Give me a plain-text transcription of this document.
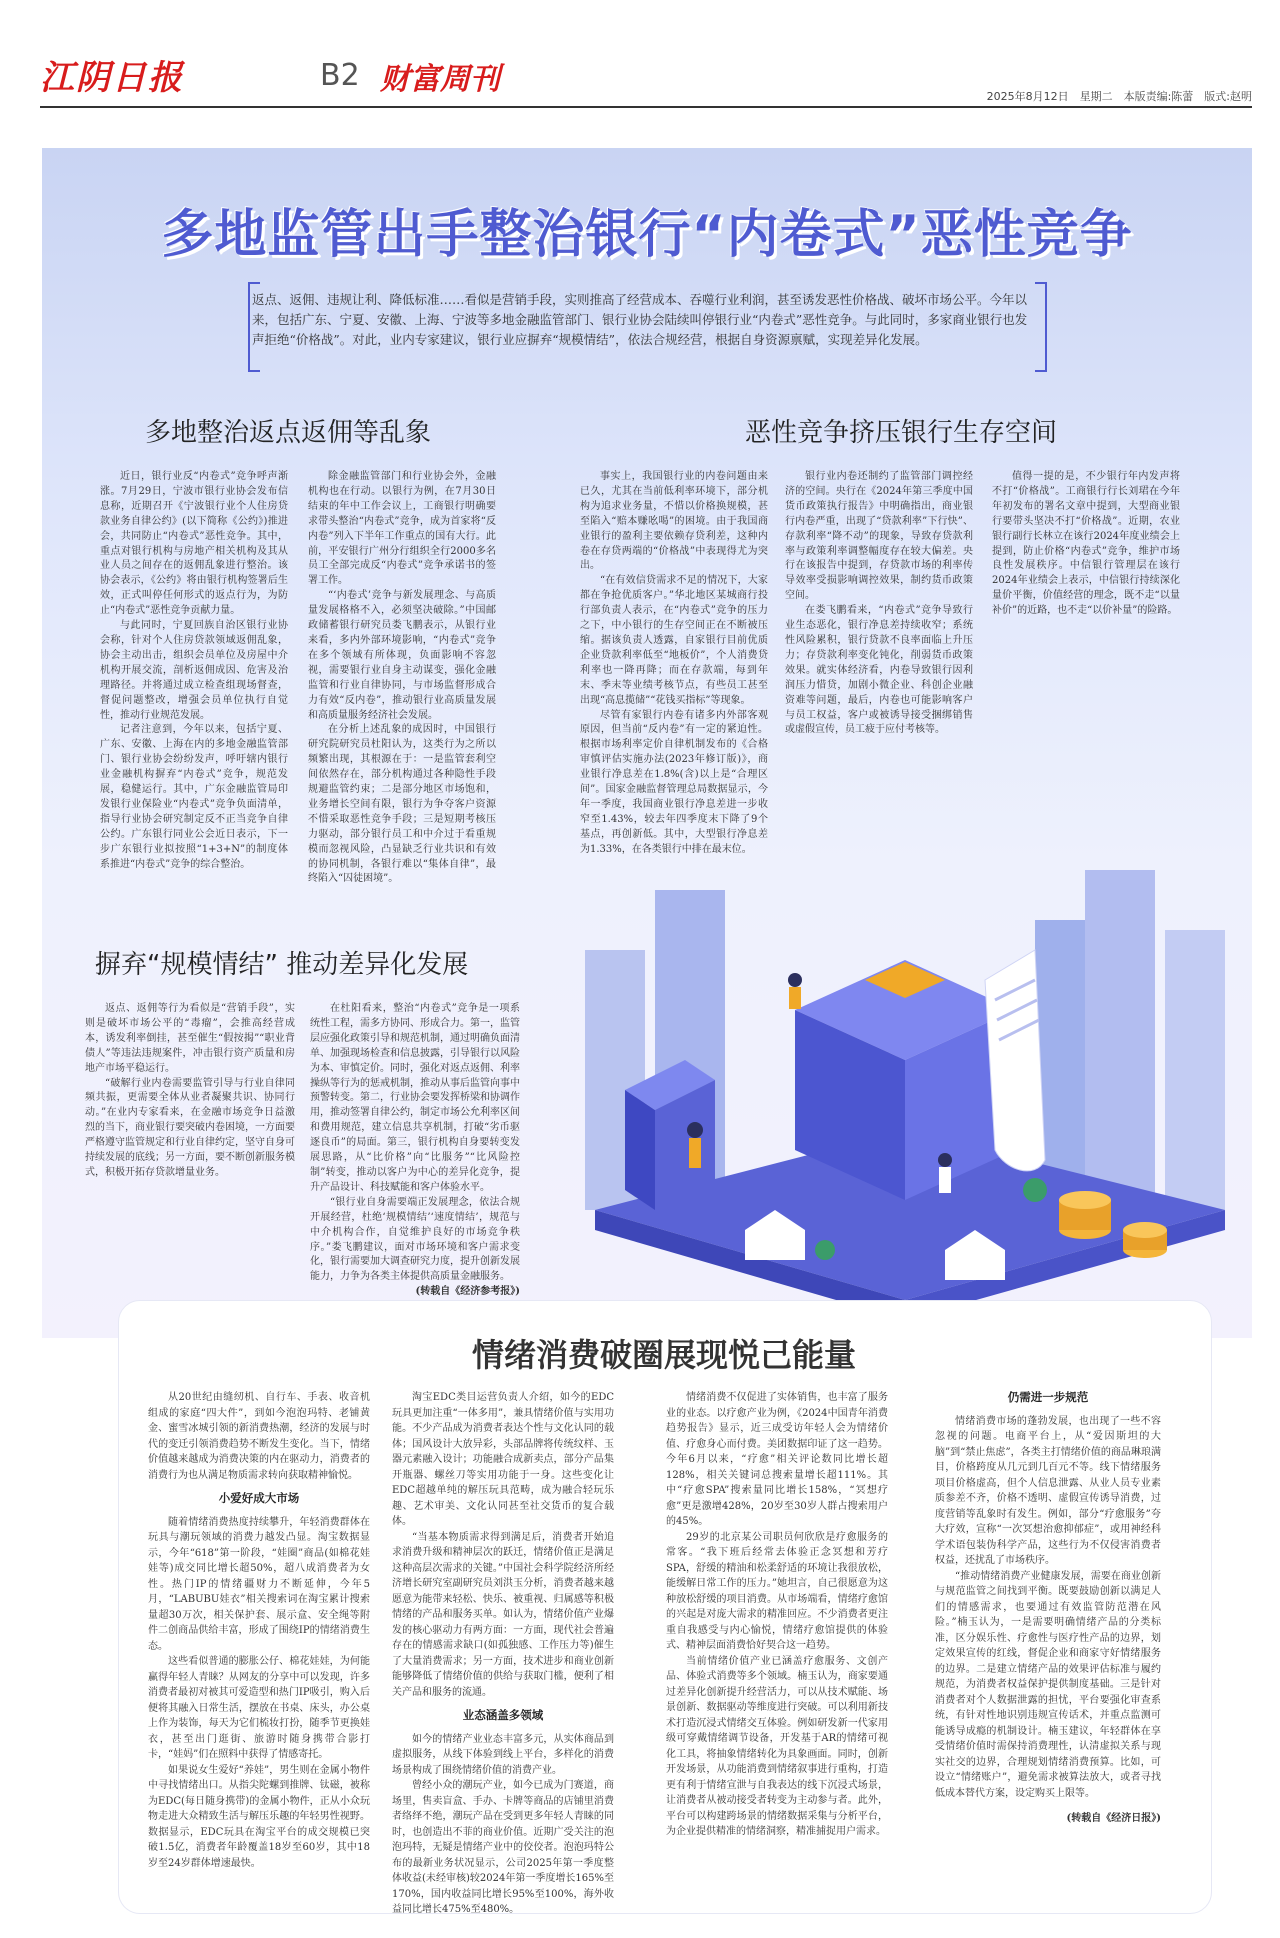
江阴日报	B2 财富周刊	2025年8月12日　星期二　本版责编:陈蕾　版式:赵明
多地监管出手整治银行“内卷式”恶性竞争
返点、返佣、违规让利、降低标准……看似是营销手段，实则推高了经营成本、吞噬行业利润，甚至诱发恶性价格战、破坏市场公平。今年以来，包括广东、宁夏、安徽、上海、宁波等多地金融监管部门、银行业协会陆续叫停银行业“内卷式”恶性竞争。与此同时，多家商业银行也发声拒绝“价格战”。对此，业内专家建议，银行业应摒弃“规模情结”，依法合规经营，根据自身资源禀赋，实现差异化发展。
多地整治返点返佣等乱象

近日，银行业反“内卷式”竞争呼声渐涨。7月29日，宁波市银行业协会发布信息称，近期召开《宁波银行业个人住房贷款业务自律公约》(以下简称《公约》)推进会，共同防止“内卷式”恶性竞争。其中，重点对银行机构与房地产相关机构及其从业人员之间存在的返佣乱象进行整治。该协会表示，《公约》将由银行机构签署后生效，正式叫停任何形式的返点行为，为防止“内卷式”恶性竞争贡献力量。

与此同时，宁夏回族自治区银行业协会称，针对个人住房贷款领域返佣乱象，协会主动出击，组织会员单位及房屋中介机构开展交流，剖析返佣成因、危害及治理路径。并将通过成立检查组现场督查，督促问题整改，增强会员单位执行自觉性，推动行业规范发展。

记者注意到，今年以来，包括宁夏、广东、安徽、上海在内的多地金融监管部门、银行业协会纷纷发声，呼吁辖内银行业金融机构摒弃“内卷式”竞争，规范发展，稳健运行。其中，广东金融监管局印发银行业保险业“内卷式”竞争负面清单，指导行业协会研究制定反不正当竞争自律公约。广东银行同业公会近日表示，下一步广东银行业拟按照“1+3+N”的制度体系推进“内卷式”竞争的综合整治。

除金融监管部门和行业协会外，金融机构也在行动。以银行为例，在7月30日结束的年中工作会议上，工商银行明确要求带头整治“内卷式”竞争，成为首家将“反内卷”列入下半年工作重点的国有大行。此前，平安银行广州分行组织全行2000多名员工全部完成反“内卷式”竞争承诺书的签署工作。

“‘内卷式’竞争与新发展理念、与高质量发展格格不入，必须坚决破除。”中国邮政储蓄银行研究员娄飞鹏表示，从银行业来看，多内外部环境影响，“内卷式”竞争在多个领域有所体现，负面影响不容忽视，需要银行业自身主动谋变，强化金融监管和行业自律协同，与市场监督形成合力有效“反内卷”，推动银行业高质量发展和高质量服务经济社会发展。

在分析上述乱象的成因时，中国银行研究院研究员杜阳认为，这类行为之所以频繁出现，其根源在于：一是监管套利空间依然存在，部分机构通过各种隐性手段规避监管约束；二是部分地区市场饱和，业务增长空间有限，银行为争夺客户资源不惜采取恶性竞争手段；三是短期考核压力驱动，部分银行员工和中介过于看重规模而忽视风险，凸显缺乏行业共识和有效的协同机制，各银行难以“集体自律”，最终陷入“囚徒困境”。

恶性竞争挤压银行生存空间

事实上，我国银行业的内卷问题由来已久，尤其在当前低利率环境下，部分机构为追求业务量，不惜以价格换规模，甚至陷入“赔本赚吆喝”的困境。由于我国商业银行的盈利主要依赖存贷利差，这种内卷在存贷两端的“价格战”中表现得尤为突出。

“在有效信贷需求不足的情况下，大家都在争抢优质客户。”华北地区某城商行投行部负责人表示，在“内卷式”竞争的压力之下，中小银行的生存空间正在不断被压缩。据该负责人透露，自家银行目前优质企业贷款利率低至“地板价”，个人消费贷利率也一降再降；而在存款端，每到年末、季末等业绩考核节点，有些员工甚至出现“高息揽储”“花钱买指标”等现象。

尽管有家银行内卷有诸多内外部客观原因，但当前“反内卷”有一定的紧迫性。根据市场利率定价自律机制发布的《合格审慎评估实施办法(2023年修订版)》，商业银行净息差在1.8%(含)以上是“合理区间”。国家金融监督管理总局数据显示，今年一季度，我国商业银行净息差进一步收窄至1.43%，较去年四季度末下降了9个基点，再创新低。其中，大型银行净息差为1.33%，在各类银行中排在最末位。

银行业内卷还制约了监管部门调控经济的空间。央行在《2024年第三季度中国货币政策执行报告》中明确指出，商业银行内卷严重，出现了“贷款利率”下行快”、存款利率“降不动”的现象，导致存贷款利率与政策利率调整幅度存在较大偏差。央行在该报告中提到，存贷款市场的利率传导效率受损影响调控效果，制约货币政策空间。

在娄飞鹏看来，“内卷式”竞争导致行业生态恶化，银行净息差持续收窄；系统性风险累积，银行贷款不良率面临上升压力；存贷款利率变化钝化，削弱货币政策效果。就实体经济看，内卷导致银行因利润压力惜贷，加剧小微企业、科创企业融资难等问题，最后，内卷也可能影响客户与员工权益，客户或被诱导接受捆绑销售或虚假宣传，员工疲于应付考核等。

值得一提的是，不少银行年内发声将不打“价格战”。工商银行行长刘珺在今年年初发布的署名文章中提到，大型商业银行要带头坚决不打“价格战”。近期，农业银行副行长林立在该行2024年度业绩会上提到，防止价格“内卷式”竞争，维护市场良性发展秩序。中信银行管理层在该行2024年业绩会上表示，中信银行持续深化量价平衡，价值经营的理念，既不走“以量补价”的近路，也不走“以价补量”的险路。

摒弃“规模情结” 推动差异化发展

返点、返佣等行为看似是“营销手段”，实则是破坏市场公平的“毒瘤”，会推高经营成本，诱发利率倒挂，甚至催生“假按揭”“职业背债人”等违法违规案件，冲击银行资产质量和房地产市场平稳运行。

“破解行业内卷需要监管引导与行业自律同频共振，更需要全体从业者凝聚共识、协同行动。”在业内专家看来，在金融市场竞争日益激烈的当下，商业银行要突破内卷困境，一方面要严格遵守监管规定和行业自律约定，坚守自身可持续发展的底线；另一方面，要不断创新服务模式，积极开拓存贷款增量业务。

在杜阳看来，整治“内卷式”竞争是一项系统性工程，需多方协同、形成合力。第一，监管层应强化政策引导和规范机制，通过明确负面清单、加强现场检查和信息披露，引导银行以风险为本、审慎定价。同时，强化对返点返佣、利率操纵等行为的惩戒机制，推动从事后监管向事中预警转变。第二，行业协会要发挥桥梁和协调作用，推动签署自律公约，制定市场公允利率区间和费用规范，建立信息共享机制，打破“劣币驱逐良币”的局面。第三，银行机构自身要转变发展思路，从“比价格”向“比服务”“比风险控制”转变，推动以客户为中心的差异化竞争，提升产品设计、科技赋能和客户体验水平。

“银行业自身需要端正发展理念，依法合规开展经营，杜绝‘规模情结’‘速度情结’，规范与中介机构合作，自觉维护良好的市场竞争秩序。”娄飞鹏建议，面对市场环境和客户需求变化，银行需要加大调查研究力度，提升创新发展能力，力争为各类主体提供高质量金融服务。

(转载自《经济参考报》)

情绪消费破圈展现悦己能量

从20世纪由缝纫机、自行车、手表、收音机组成的家庭“四大件”，到如今泡泡玛特、老铺黄金、蜜雪冰城引领的新消费热潮，经济的发展与时代的变迁引领消费趋势不断发生变化。当下，情绪价值越来越成为消费决策的内在驱动力，消费者的消费行为也从满足物质需求转向获取精神愉悦。

小爱好成大市场

随着情绪消费热度持续攀升，年轻消费群体在玩具与潮玩领域的消费力越发凸显。淘宝数据显示，今年“618”第一阶段，“娃圈”商品(如棉花娃娃等)成交同比增长超50%，超八成消费者为女性。热门IP的情绪疆财力不断延伸，今年5月，“LABUBU娃衣”相关搜索词在淘宝累计搜索量超30万次，相关保护套、展示盒、安全绳等附件二创商品供给丰富，形成了围绕IP的情绪消费生态。

这些看似普通的膨胀公仔、棉花娃娃，为何能赢得年轻人青睐？从网友的分享中可以发现，许多消费者最初对被其可爱造型和热门IP吸引，购入后便将其融入日常生活，摆放在书桌、床头，办公桌上作为装饰，每天为它们梳妆打扮，随季节更换娃衣，甚至出门逛街、旅游时随身携带合影打卡，“娃妈”们在照料中获得了情感寄托。

如果说女生爱好“养娃”，男生则在金属小物件中寻找情绪出口。从指尖陀螺到推牌、钛磁，被称为EDC(每日随身携带)的金属小物件，正从小众玩物走进大众精致生活与解压乐趣的年轻男性视野。数据显示，EDC玩具在淘宝平台的成交规模已突破1.5亿，消费者年龄覆盖18岁至60岁，其中18岁至24岁群体增速最快。

淘宝EDC类目运营负责人介绍，如今的EDC玩具更加注重“一体多用”，兼具情绪价值与实用功能。不少产品成为消费者表达个性与文化认同的载体；国风设计大放异彩，头部品牌将传统纹样、玉器元素融入设计；功能融合成新卖点，部分产品集开瓶器、螺丝刀等实用功能于一身。这些变化让EDC超越单纯的解压玩具范畴，成为融合轻玩乐趣、艺术审美、文化认同甚至社交货币的复合载体。

“当基本物质需求得到满足后，消费者开始追求消费升级和精神层次的跃迁，情绪价值正是满足这种高层次需求的关键。”中国社会科学院经济所经济增长研究室副研究员刘洪玉分析，消费者越来越愿意为能带来轻松、快乐、被重视、归属感等积极情绪的产品和服务买单。如认为，情绪价值产业爆发的核心驱动力有两方面：一方面，现代社会普遍存在的情感需求缺口(如孤独感、工作压力等)催生了大量消费需求；另一方面，技术进步和商业创新能够降低了情绪价值的供给与获取门槛，便利了相关产品和服务的流通。

业态涵盖多领域

如今的情绪产业业态丰富多元，从实体商品到虚拟服务，从线下体验到线上平台，多样化的消费场景构成了围绕情绪价值的消费产业。

曾经小众的潮玩产业，如今已成为门赛道，商场里，售卖盲盒、手办、卡牌等商品的店铺里消费者络绎不绝，潮玩产品在受到更多年轻人青睐的同时，也创造出不菲的商业价值。近期广受关注的泡泡玛特，无疑是情绪产业中的佼佼者。泡泡玛特公布的最新业务状况显示，公司2025年第一季度整体收益(未经审核)较2024年第一季度增长165%至170%，国内收益同比增长95%至100%，海外收益同比增长475%至480%。

情绪消费不仅促进了实体销售，也丰富了服务业的业态。以疗愈产业为例，《2024中国青年消费趋势报告》显示，近三成受访年轻人会为情绪价值、疗愈身心而付费。美团数据印证了这一趋势。今年6月以来，“疗愈”相关评论数同比增长超128%，相关关键词总搜索量增长超111%。其中“疗愈SPA”搜索量同比增长158%，“冥想疗愈”更是激增428%，20岁至30岁人群占搜索用户的45%。

29岁的北京某公司职员何欣欣是疗愈服务的常客。“我下班后经常去体验正念冥想和芳疗SPA，舒缓的精油和松柔舒适的环境让我很放松，能缓解日常工作的压力。”她坦言，自己很愿意为这种放松舒缓的项目消费。从市场端看，情绪疗愈馆的兴起是对庞大需求的精准回应。不少消费者更注重自我感受与内心愉悦，情绪疗愈馆提供的体验式、精神层面消费恰好契合这一趋势。

当前情绪价值产业已涵盖疗愈服务、文创产品、体验式消费等多个领域。楠玉认为，商家要通过差异化创新提升经营活力，可以从技术赋能、场景创新、数据驱动等维度进行突破。可以利用新技术打造沉浸式情绪交互体验。例如研发新一代家用级可穿戴情绪调节设备，开发基于AR的情绪可视化工具，将抽象情绪转化为具象画面。同时，创新开发场景，从功能消费到情绪叙事进行重构，打造更有利于情绪宣泄与自我表达的线下沉浸式场景，让消费者从被动接受者转变为主动参与者。此外，平台可以构建跨场景的情绪数据采集与分析平台，为企业提供精准的情绪洞察，精准捕捉用户需求。

仍需进一步规范

情绪消费市场的蓬勃发展，也出现了一些不容忽视的问题。电商平台上，从“爱因斯坦的大脑”到“禁止焦虑”，各类主打情绪价值的商品琳琅满目，价格跨度从几元到几百元不等。线下情绪服务项目价格虚高，但个人信息泄露、从业人员专业素质参差不齐，价格不透明、虚假宣传诱导消费，过度营销等乱象时有发生。例如，部分“疗愈服务”夸大疗效，宣称“一次冥想治愈抑郁症”，或用神经科学术语包装伪科学产品，这些行为不仅侵害消费者权益，还扰乱了市场秩序。

“推动情绪消费产业健康发展，需要在商业创新与规范监管之间找到平衡。既要鼓励创新以满足人们的情感需求，也要通过有效监管防范潜在风险。”楠玉认为，一是需要明确情绪产品的分类标准，区分娱乐性、疗愈性与医疗性产品的边界，划定效果宣传的红线，督促企业和商家守好情绪服务的边界。二是建立情绪产品的效果评估标准与履约规范，为消费者权益保护提供制度基础。三是针对消费者对个人数据泄露的担忧，平台要强化审查系统，有针对性地识别违规宣传话术，并重点监测可能诱导成瘾的机制设计。楠玉建议，年轻群体在享受情绪价值时需保持消费理性，认清虚拟关系与现实社交的边界，合理规划情绪消费预算。比如，可设立“情绪账户”，避免需求被算法放大，或者寻找低成本替代方案，设定购买上限等。

(转载自《经济日报》)
